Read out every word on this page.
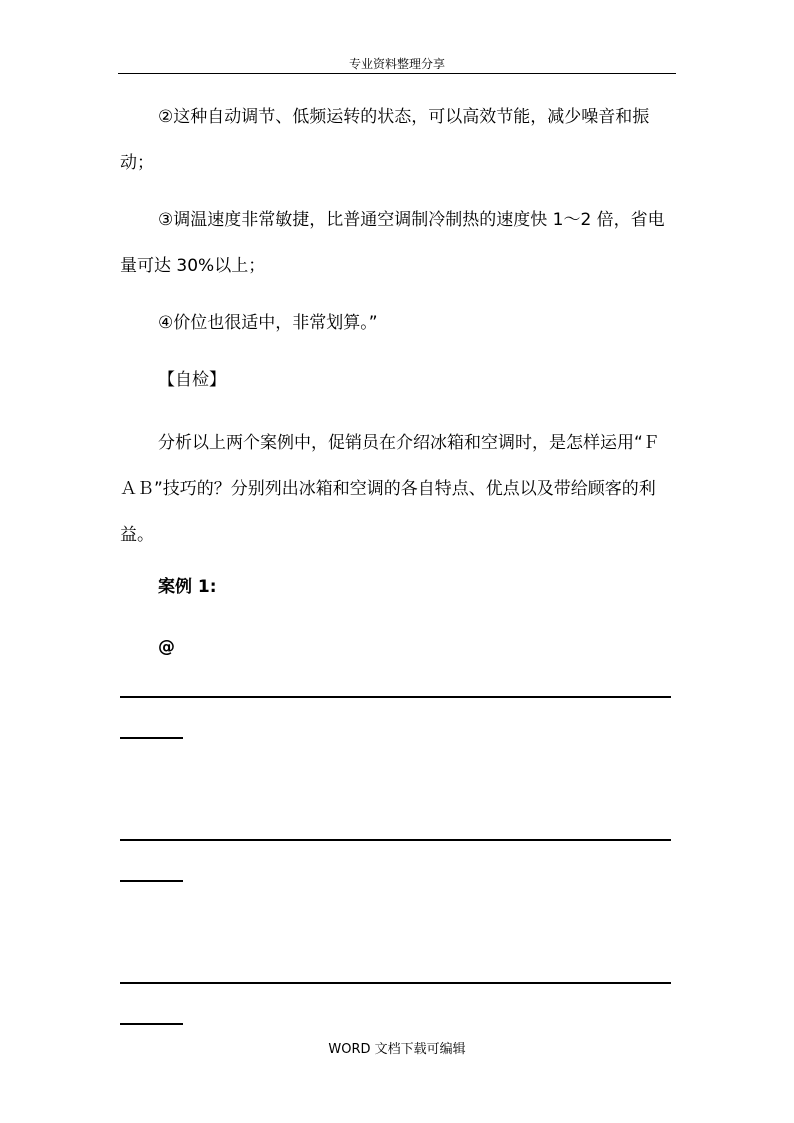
专业资料整理分享

②这种自动调节、低频运转的状态，可以高效节能，减少噪音和振动；

③调温速度非常敏捷，比普通空调制冷制热的速度快 1～2 倍，省电量可达 30%以上；

④价位也很适中，非常划算。”

【自检】

分析以上两个案例中，促销员在介绍冰箱和空调时，是怎样运用“ＦＡＢ”技巧的？分别列出冰箱和空调的各自特点、优点以及带给顾客的利益。

案例 1:
@
WORD 文档下载可编辑
